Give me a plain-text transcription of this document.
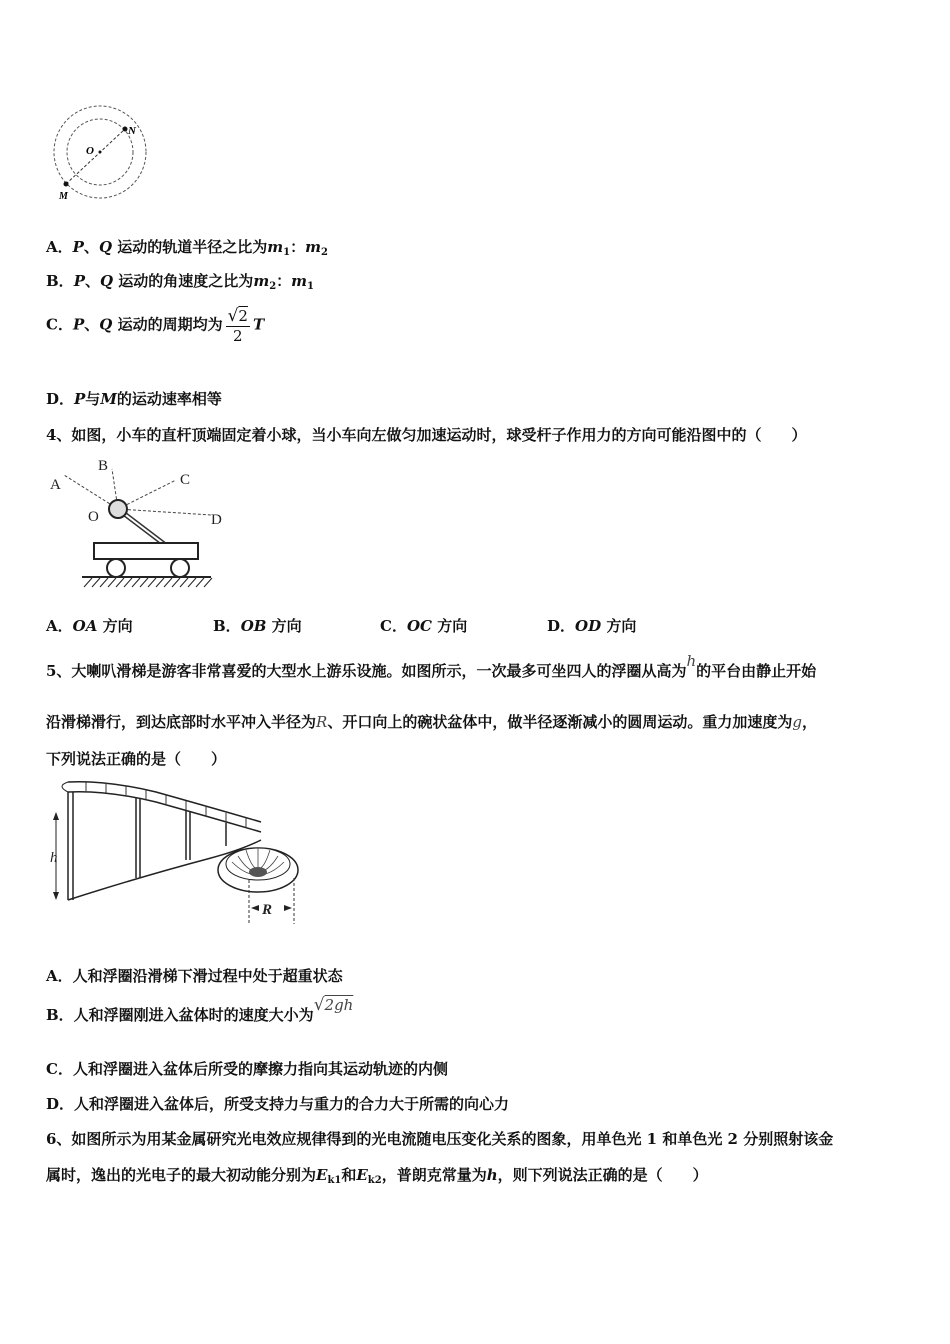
O
N
M
A．P、Q 运动的轨道半径之比为$m_1$：$m_2$
B．P、Q 运动的角速度之比为$m_2$：$m_1$
C．P、Q 运动的周期均为 $\frac{√2}{2}$ T
D．P与M的运动速率相等
4、如图，小车的直杆顶端固定着小球，当小车向左做匀加速运动时，球受杆子作用力的方向可能沿图中的（　　）
A
B
C
D
O
A．OA 方向	B．OB 方向	C．OC 方向	D．OD 方向
5、大喇叭滑梯是游客非常喜爱的大型水上游乐设施。如图所示，一次最多可坐四人的浮圈从高为h的平台由静止开始
沿滑梯滑行，到达底部时水平冲入半径为R、开口向上的碗状盆体中，做半径逐渐减小的圆周运动。重力加速度为g，
下列说法正确的是（　　）
h
R
A．人和浮圈沿滑梯下滑过程中处于超重状态
B．人和浮圈刚进入盆体时的速度大小为√2gh
C．人和浮圈进入盆体后所受的摩擦力指向其运动轨迹的内侧
D．人和浮圈进入盆体后，所受支持力与重力的合力大于所需的向心力
6、如图所示为用某金属研究光电效应规律得到的光电流随电压变化关系的图象，用单色光 1 和单色光 2 分别照射该金
属时，逸出的光电子的最大初动能分别为$E_{k1}$和$E_{k2}$，普朗克常量为h，则下列说法正确的是（　　）
